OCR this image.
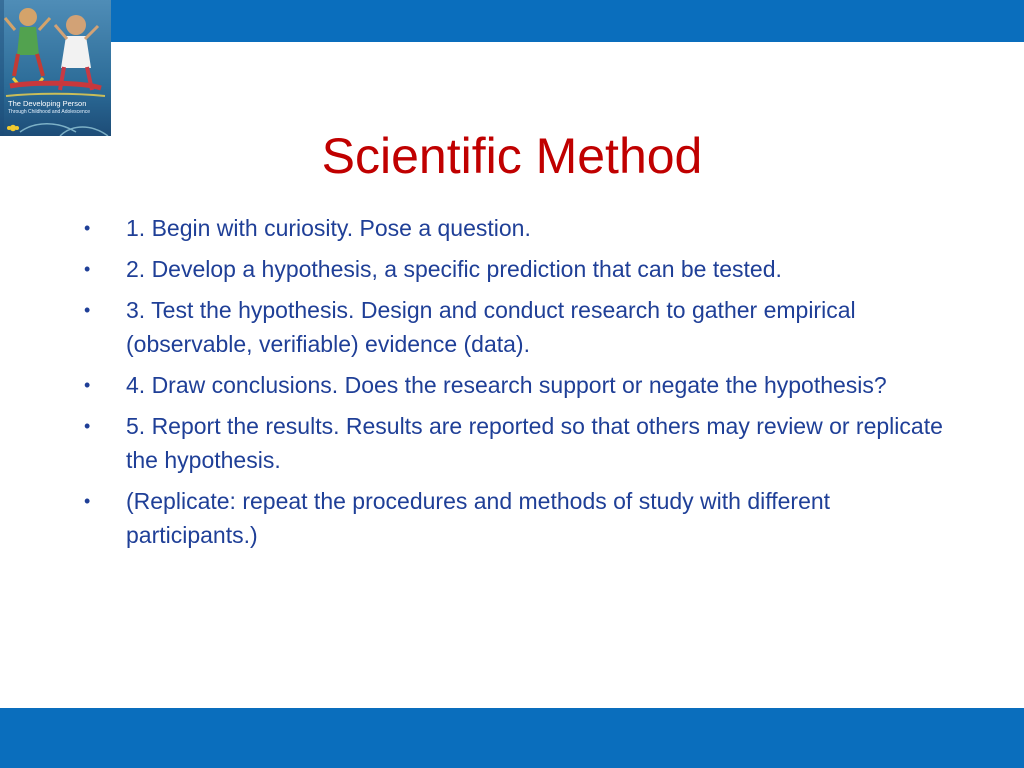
The Developing Person
Through Childhood and Adolescence
Scientific Method
•	1. Begin with curiosity. Pose a question.
•	2. Develop a hypothesis, a specific prediction that can be tested.
•	3. Test the hypothesis. Design and conduct research to gather empirical (observable, verifiable) evidence (data).
•	4. Draw conclusions. Does the research support or negate the hypothesis?
•	5. Report the results. Results are reported so that others may review or replicate the hypothesis.
•	(Replicate: repeat the procedures and methods of study with different participants.)
